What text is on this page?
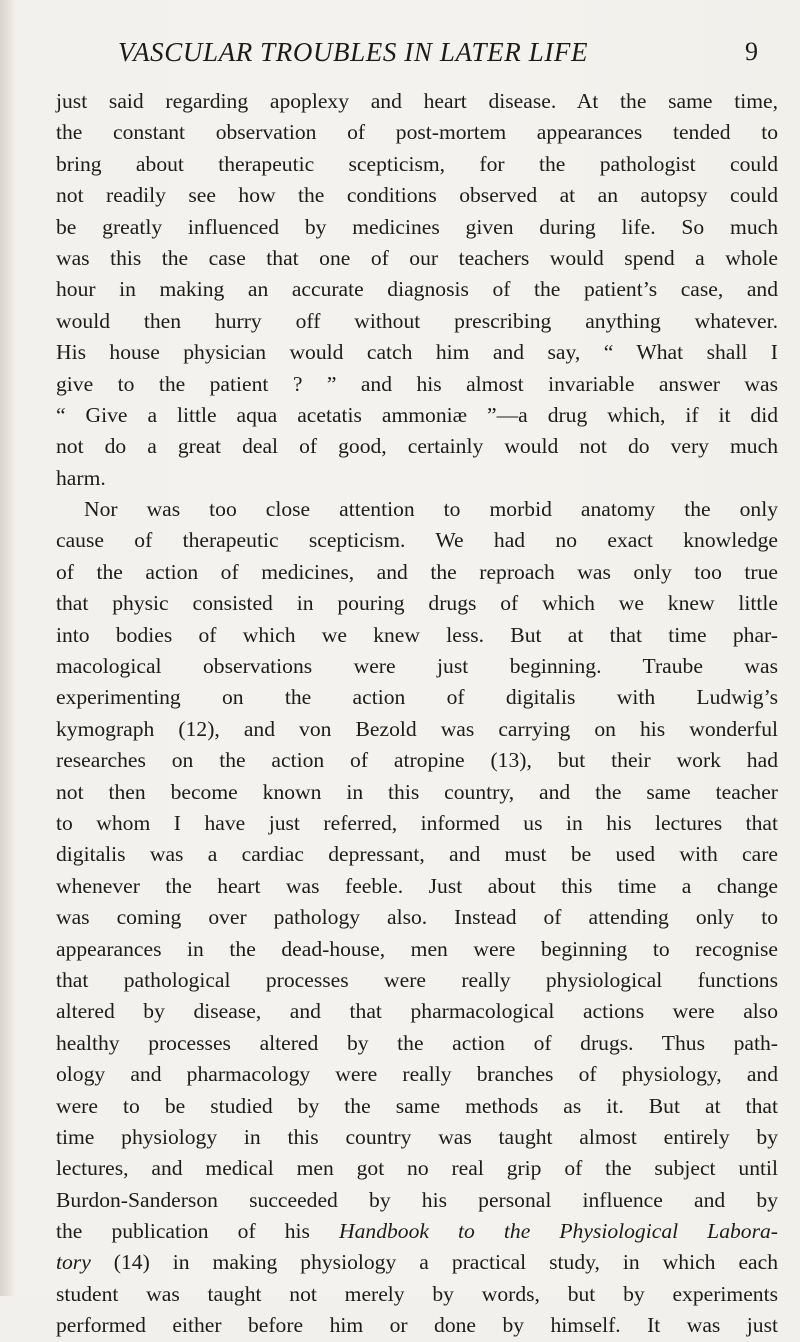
VASCULAR TROUBLES IN LATER LIFE	9
just said regarding apoplexy and heart disease. At the same time,
the constant observation of post-mortem appearances tended to
bring about therapeutic scepticism, for the pathologist could
not readily see how the conditions observed at an autopsy could
be greatly influenced by medicines given during life. So much
was this the case that one of our teachers would spend a whole
hour in making an accurate diagnosis of the patient’s case, and
would then hurry off without prescribing anything whatever.
His house physician would catch him and say, “ What shall I
give to the patient ? ” and his almost invariable answer was
“ Give a little aqua acetatis ammoniæ ”—a drug which, if it did
not do a great deal of good, certainly would not do very much
harm.
Nor was too close attention to morbid anatomy the only
cause of therapeutic scepticism. We had no exact knowledge
of the action of medicines, and the reproach was only too true
that physic consisted in pouring drugs of which we knew little
into bodies of which we knew less. But at that time phar-
macological observations were just beginning. Traube was
experimenting on the action of digitalis with Ludwig’s
kymograph (12), and von Bezold was carrying on his wonderful
researches on the action of atropine (13), but their work had
not then become known in this country, and the same teacher
to whom I have just referred, informed us in his lectures that
digitalis was a cardiac depressant, and must be used with care
whenever the heart was feeble. Just about this time a change
was coming over pathology also. Instead of attending only to
appearances in the dead-house, men were beginning to recognise
that pathological processes were really physiological functions
altered by disease, and that pharmacological actions were also
healthy processes altered by the action of drugs. Thus path-
ology and pharmacology were really branches of physiology, and
were to be studied by the same methods as it. But at that
time physiology in this country was taught almost entirely by
lectures, and medical men got no real grip of the subject until
Burdon-Sanderson succeeded by his personal influence and by
the publication of his Handbook to the Physiological Labora-
tory (14) in making physiology a practical study, in which each
student was taught not merely by words, but by experiments
performed either before him or done by himself. It was just
